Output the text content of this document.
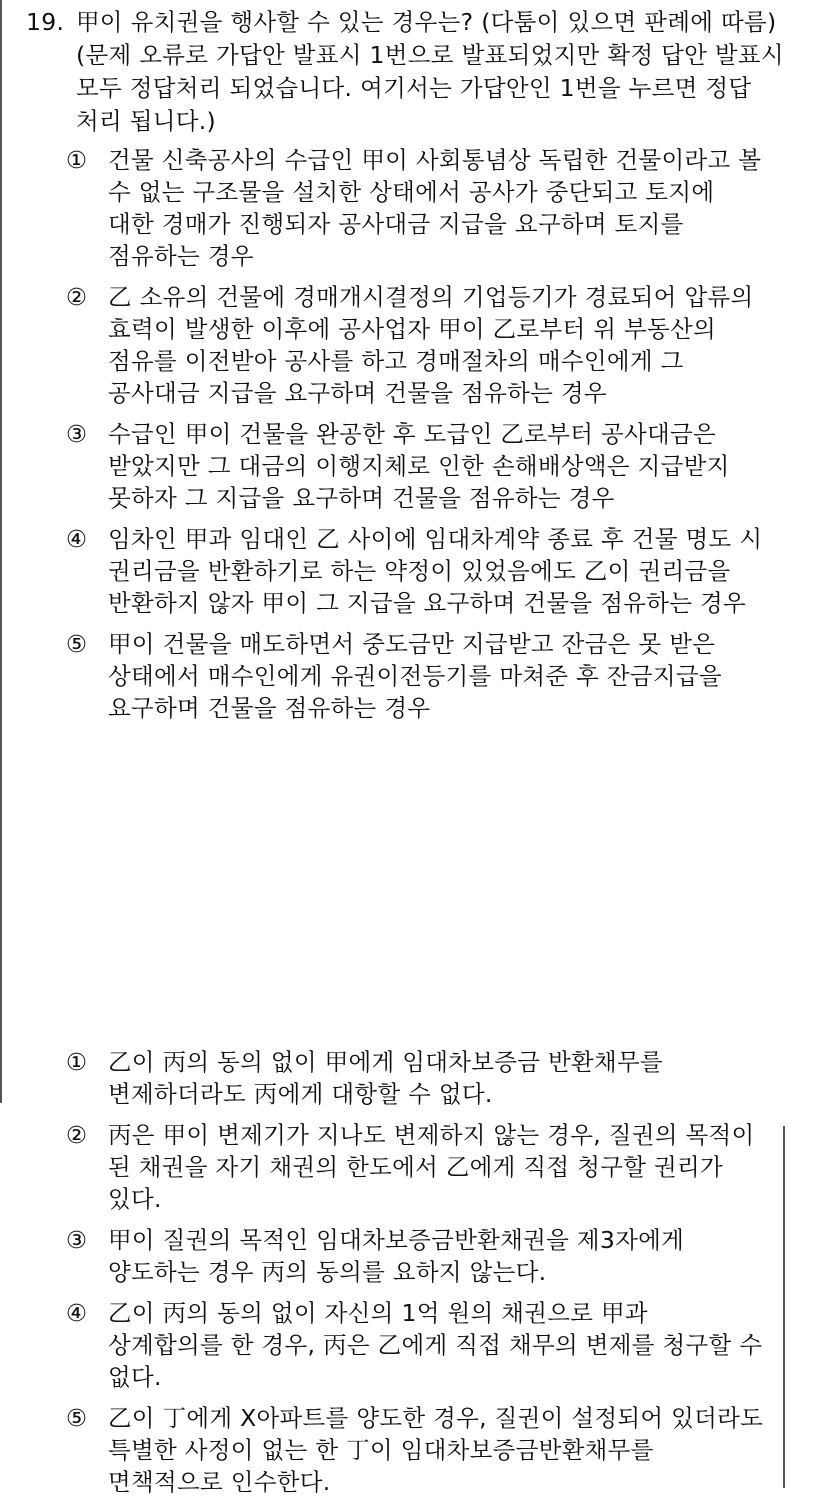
19. 甲이 유치권을 행사할 수 있는 경우는? (다툼이 있으면 판례에 따름) (문제 오류로 가답안 발표시 1번으로 발표되었지만 확정 답안 발표시 모두 정답처리 되었습니다. 여기서는 가답안인 1번을 누르면 정답 처리 됩니다.)
① 건물 신축공사의 수급인 甲이 사회통념상 독립한 건물이라고 볼 수 없는 구조물을 설치한 상태에서 공사가 중단되고 토지에 대한 경매가 진행되자 공사대금 지급을 요구하며 토지를 점유하는 경우
② 乙 소유의 건물에 경매개시결정의 기업등기가 경료되어 압류의 효력이 발생한 이후에 공사업자 甲이 乙로부터 위 부동산의 점유를 이전받아 공사를 하고 경매절차의 매수인에게 그 공사대금 지급을 요구하며 건물을 점유하는 경우
③ 수급인 甲이 건물을 완공한 후 도급인 乙로부터 공사대금은 받았지만 그 대금의 이행지체로 인한 손해배상액은 지급받지 못하자 그 지급을 요구하며 건물을 점유하는 경우
④ 임차인 甲과 임대인 乙 사이에 임대차계약 종료 후 건물 명도 시 권리금을 반환하기로 하는 약정이 있었음에도 乙이 권리금을 반환하지 않자 甲이 그 지급을 요구하며 건물을 점유하는 경우
⑤ 甲이 건물을 매도하면서 중도금만 지급받고 잔금은 못 받은 상태에서 매수인에게 유권이전등기를 마쳐준 후 잔금지급을 요구하며 건물을 점유하는 경우
① 乙이 丙의 동의 없이 甲에게 임대차보증금 반환채무를 변제하더라도 丙에게 대항할 수 없다.
② 丙은 甲이 변제기가 지나도 변제하지 않는 경우, 질권의 목적이 된 채권을 자기 채권의 한도에서 乙에게 직접 청구할 권리가 있다.
③ 甲이 질권의 목적인 임대차보증금반환채권을 제3자에게 양도하는 경우 丙의 동의를 요하지 않는다.
④ 乙이 丙의 동의 없이 자신의 1억 원의 채권으로 甲과 상계합의를 한 경우, 丙은 乙에게 직접 채무의 변제를 청구할 수 없다.
⑤ 乙이 丁에게 X아파트를 양도한 경우, 질권이 설정되어 있더라도 특별한 사정이 없는 한 丁이 임대차보증금반환채무를 면책적으로 인수한다.
